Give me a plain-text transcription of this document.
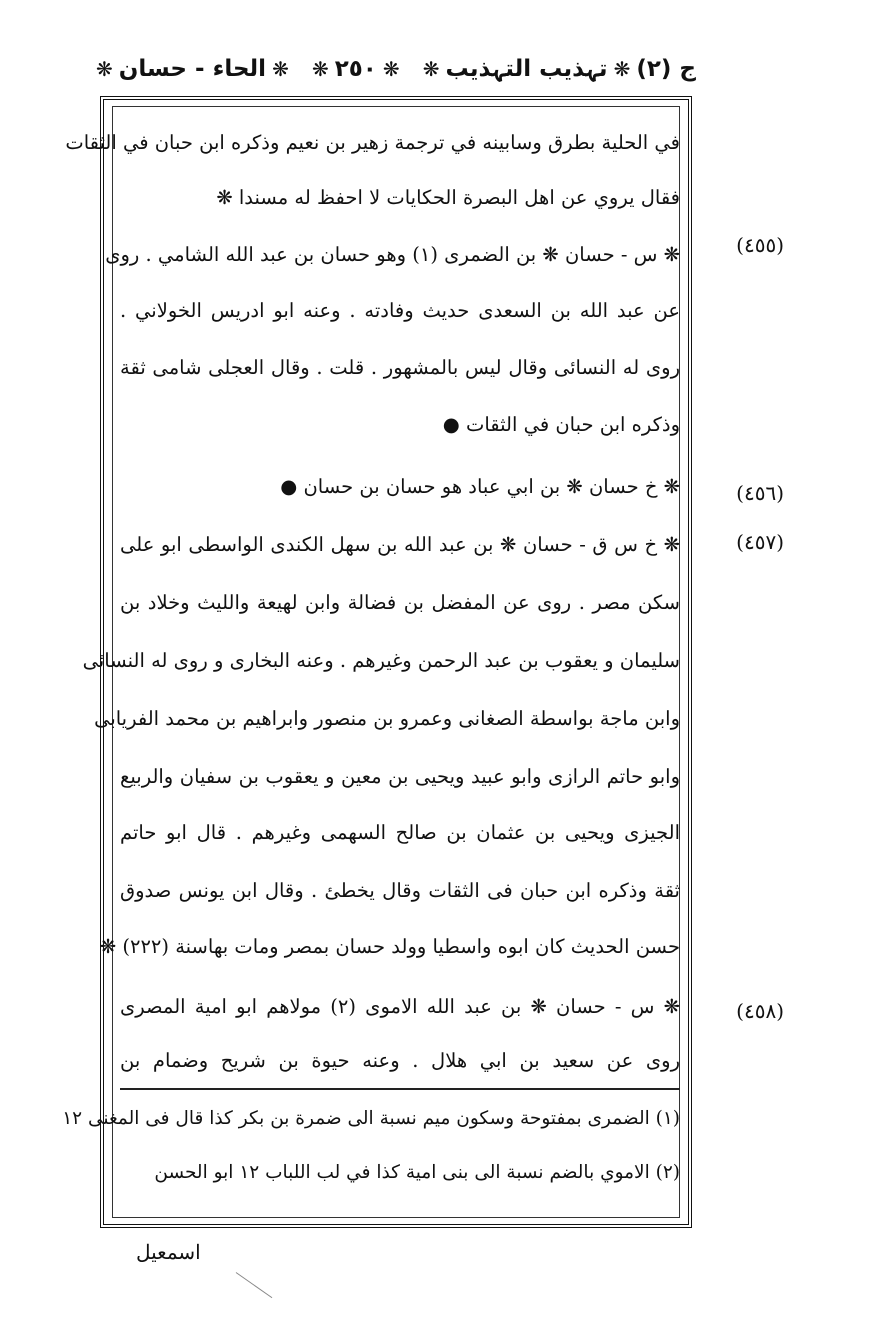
ج (٢)
❋
تہذیب التہذیب
❋
❋
٢٥٠
❋
❋
الحاء - حسان
❋
(٤٥٥)
(٤٥٦)
(٤٥٧)
(٤٥٨)
في الحلية بطرق وسابينه في ترجمة زهير بن نعيم وذكره ابن حبان في الثقات
فقال يروي عن اهل البصرة الحكايات لا احفظ له مسندا ❋
❋ س - حسان ❋ بن الضمرى (١) وهو حسان بن عبد الله الشامي . روى
عن عبد الله بن السعدى حديث وفادته . وعنه ابو ادريس الخولاني .
روى له النسائى وقال ليس بالمشهور . قلت . وقال العجلى شامى ثقة
وذكره ابن حبان في الثقات ●
❋ خ حسان ❋ بن ابي عباد هو حسان بن حسان ●
❋ خ س ق - حسان ❋ بن عبد الله بن سهل الكندى الواسطى ابو على
سكن مصر . روى عن المفضل بن فضالة وابن لهيعة والليث وخلاد بن
سليمان و يعقوب بن عبد الرحمن وغيرهم . وعنه البخارى و روى له النسائى
وابن ماجة بواسطة الصغانى وعمرو بن منصور وابراهيم بن محمد الفريابى
وابو حاتم الرازى وابو عبيد ويحيى بن معين و يعقوب بن سفيان والربيع
الجيزى ويحيى بن عثمان بن صالح السهمى وغيرهم . قال ابو حاتم
ثقة وذكره ابن حبان فى الثقات وقال يخطئ . وقال ابن يونس صدوق
حسن الحديث كان ابوه واسطيا وولد حسان بمصر ومات بهاسنة (٢٢٢) ❋
❋ س - حسان ❋ بن عبد الله الاموى (٢) مولاهم ابو امية المصرى
روى عن سعيد بن ابي هلال . وعنه حيوة بن شريح وضمام بن
(١) الضمرى بمفتوحة وسكون ميم نسبة الى ضمرة بن بكر كذا قال فى المغنى ١٢
(٢) الاموي بالضم نسبة الى بنى امية كذا في لب اللباب ١٢ ابو الحسن
اسمعيل
